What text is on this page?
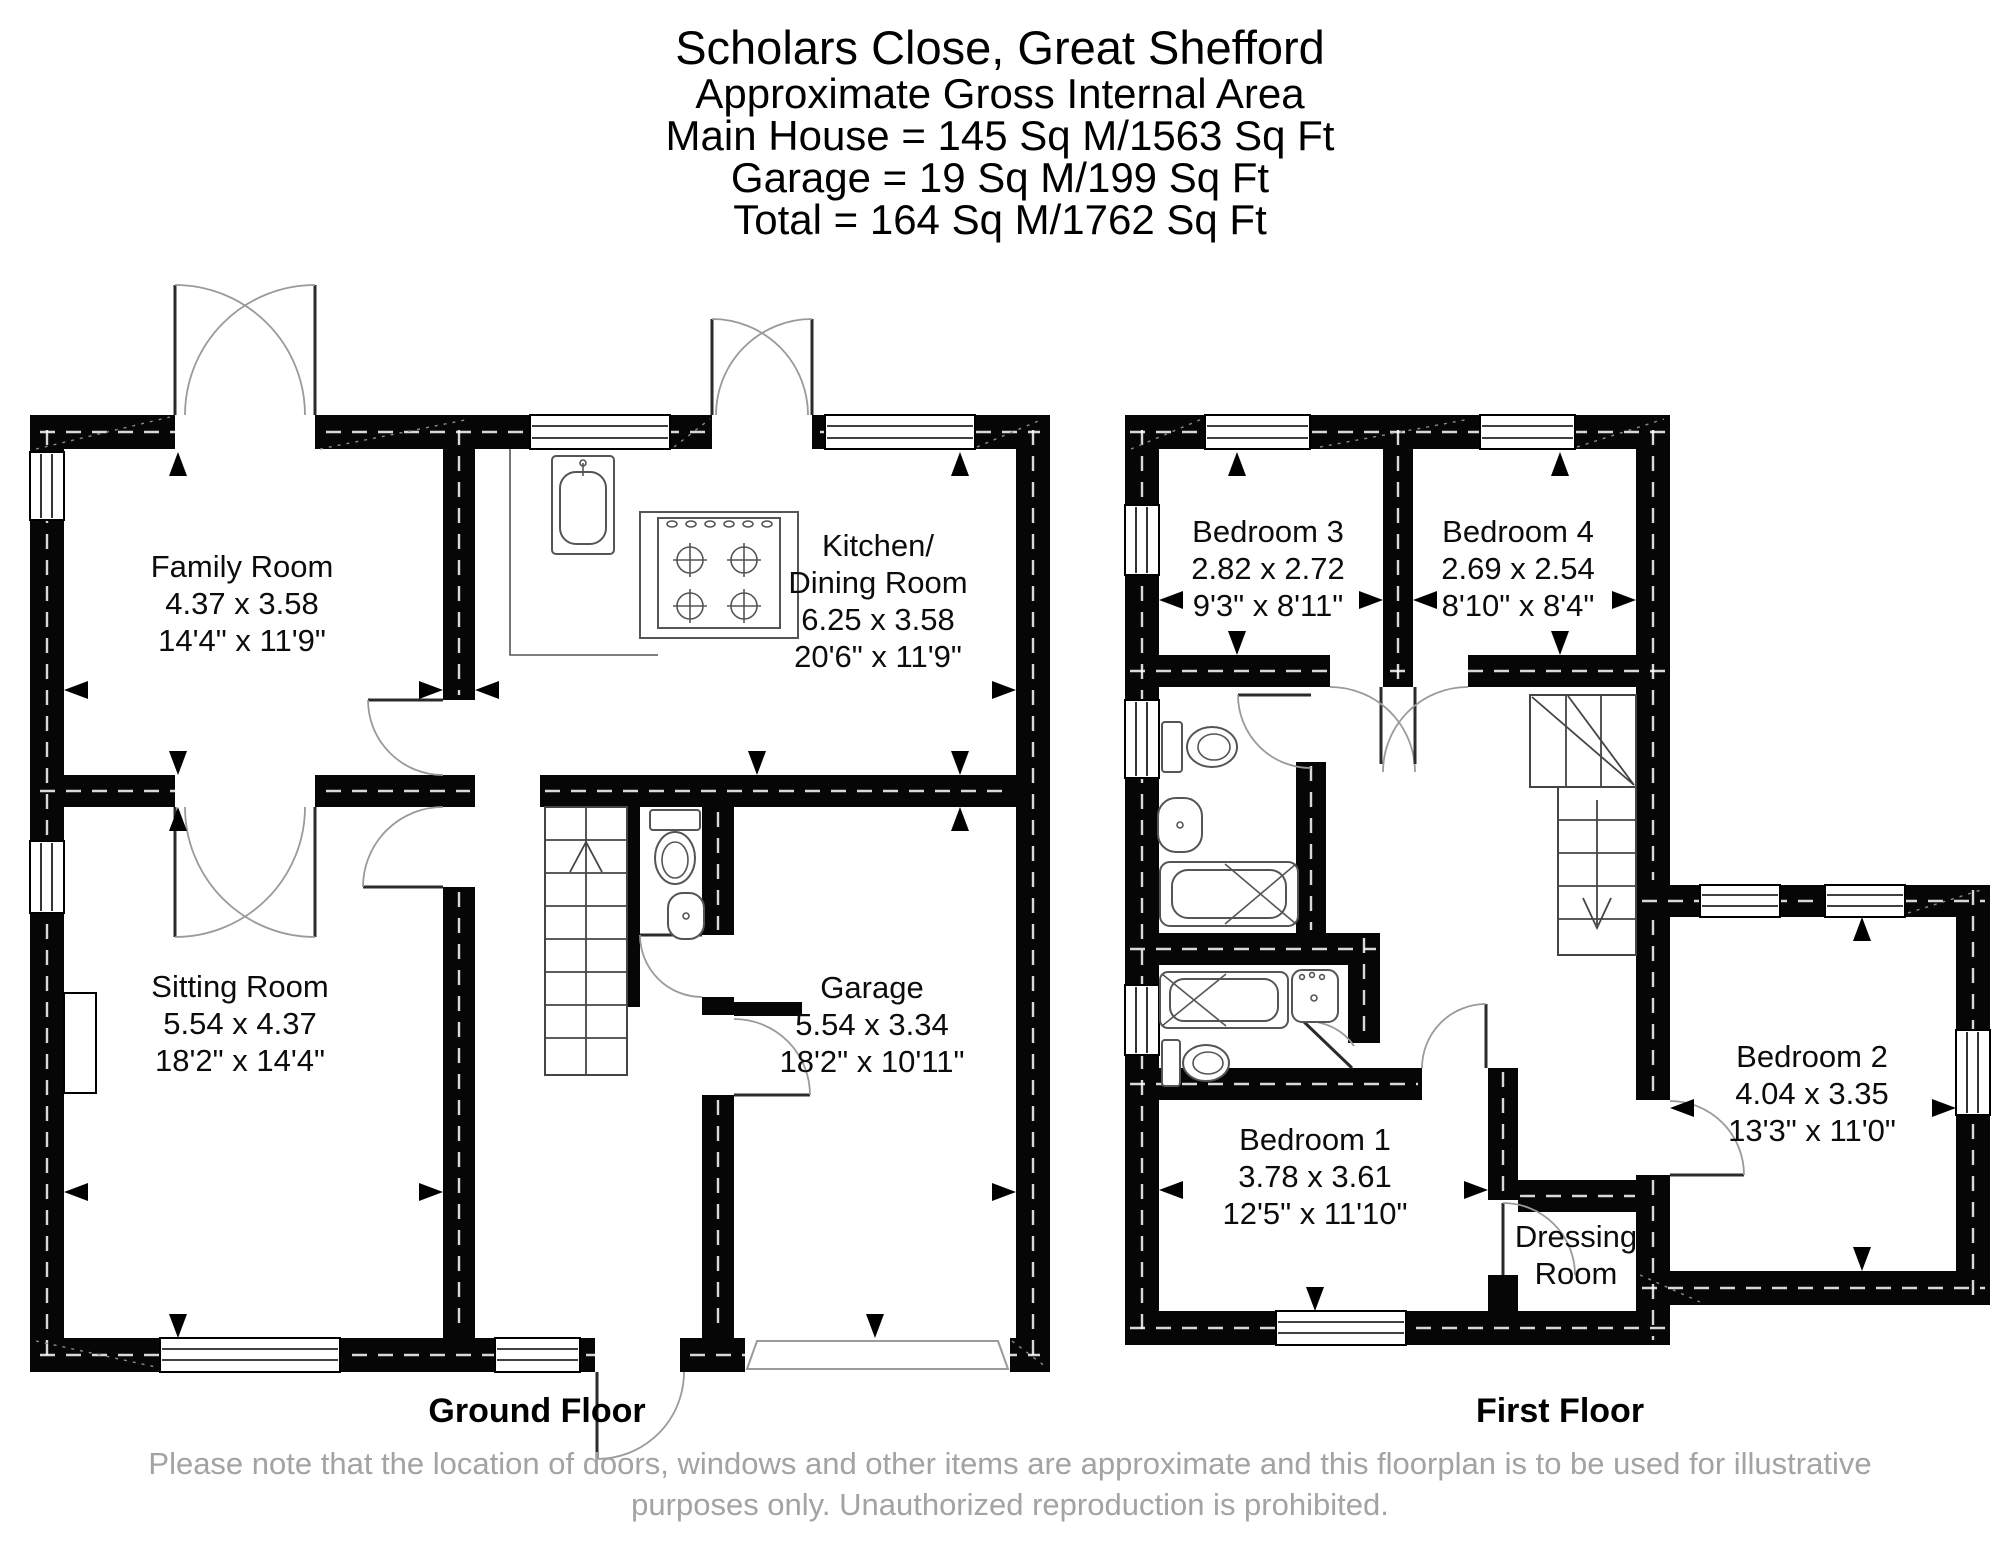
Scholars Close, Great Shefford
Approximate Gross Internal Area
Main House = 145 Sq M/1563 Sq Ft
Garage = 19 Sq M/199 Sq Ft
Total = 164 Sq M/1762 Sq Ft
Family Room
4.37 x 3.58
14'4" x 11'9"
Kitchen/
Dining Room
6.25 x 3.58
20'6" x 11'9"
Sitting Room
5.54 x 4.37
18'2" x 14'4"
Garage
5.54 x 3.34
18'2" x 10'11"
Bedroom 3
2.82 x 2.72
9'3" x 8'11"
Bedroom 4
2.69 x 2.54
8'10" x 8'4"
Bedroom 1
3.78 x 3.61
12'5" x 11'10"
Bedroom 2
4.04 x 3.35
13'3" x 11'0"
Dressing
Room
Ground Floor	First Floor
Please note that the location of doors, windows and other items are approximate and this floorplan is to be used for illustrative
purposes only. Unauthorized reproduction is prohibited.
